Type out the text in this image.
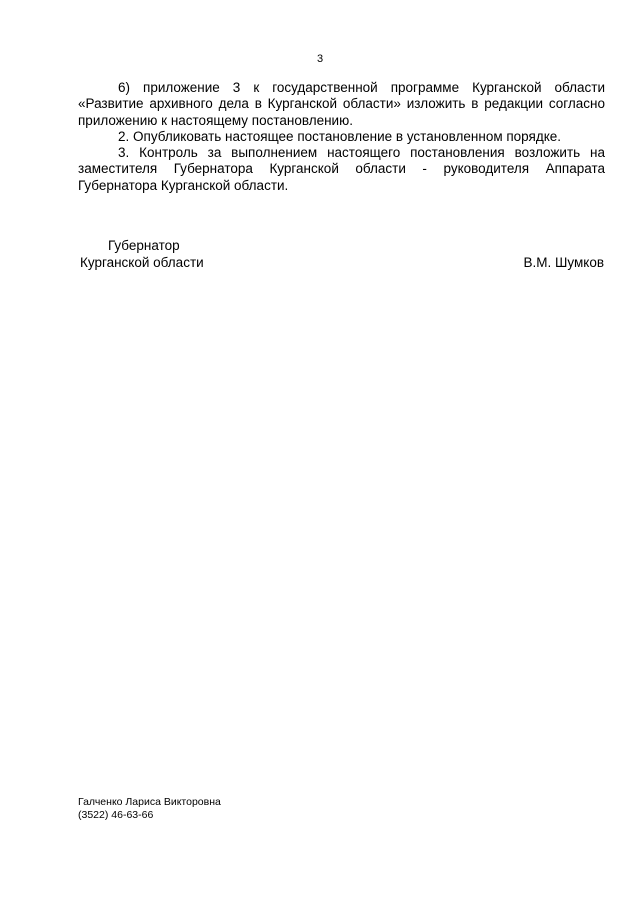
3

6) приложение 3 к государственной программе Курганской области «Развитие архивного дела в Курганской области» изложить в редакции согласно приложению к настоящему постановлению.

2. Опубликовать настоящее постановление в установленном порядке.

3. Контроль за выполнением настоящего постановления возложить на заместителя Губернатора Курганской области - руководителя Аппарата Губернатора Курганской области.

Губернатор
Курганской области	В.М. Шумков
Галченко Лариса Викторовна
(3522) 46-63-66
